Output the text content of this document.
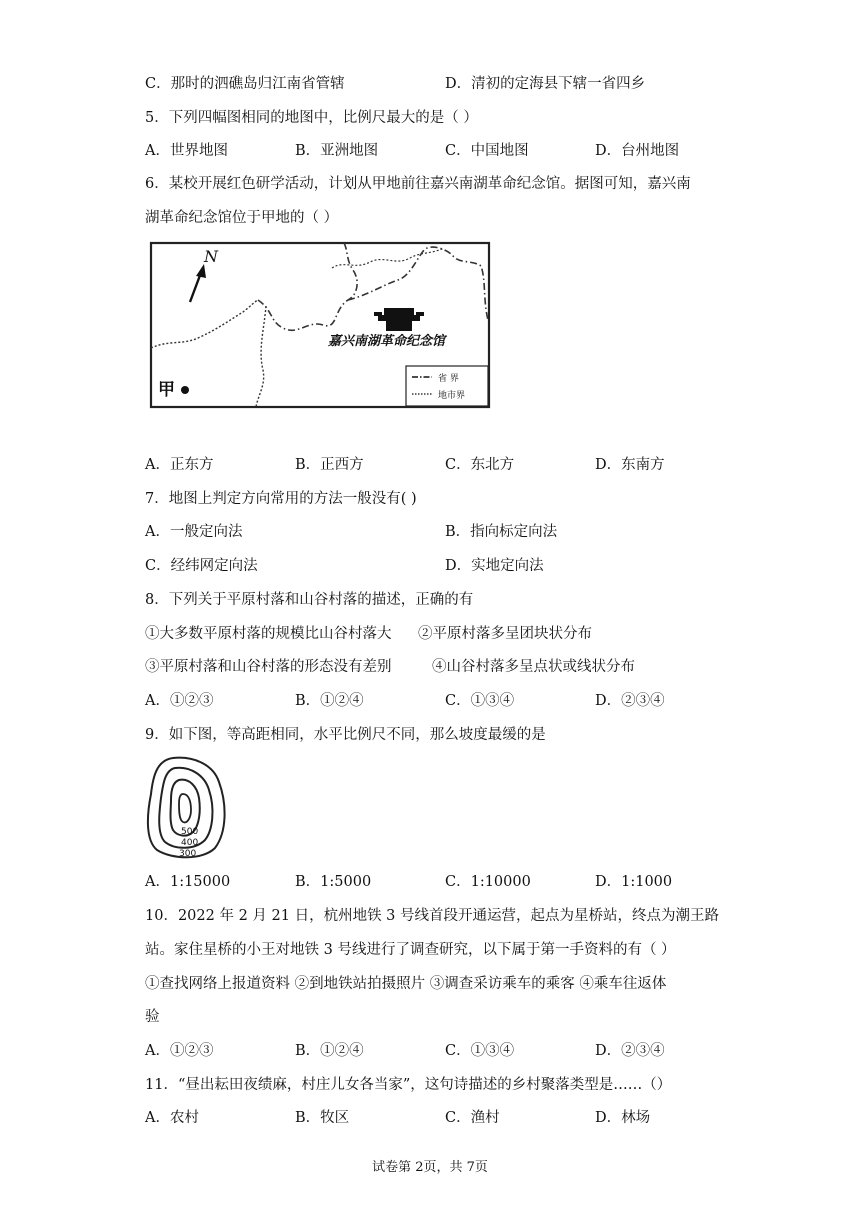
C．那时的泗礁岛归江南省管辖	D．清初的定海县下辖一省四乡
5．下列四幅图相同的地图中，比例尺最大的是（ ）
A．世界地图	B．亚洲地图	C．中国地图	D．台州地图
6．某校开展红色研学活动，计划从甲地前往嘉兴南湖革命纪念馆。据图可知，嘉兴南
湖革命纪念馆位于甲地的（ ）
N
嘉兴南湖革命纪念馆
甲
省 界
地市界
A．正东方	B．正西方	C．东北方	D．东南方
7．地图上判定方向常用的方法一般没有( )
A．一般定向法	B．指向标定向法
C．经纬网定向法	D．实地定向法
8．下列关于平原村落和山谷村落的描述，正确的有
①大多数平原村落的规模比山谷村落大 ②平原村落多呈团块状分布
③平原村落和山谷村落的形态没有差别	④山谷村落多呈点状或线状分布
A．①②③	B．①②④	C．①③④	D．②③④
9．如下图，等高距相同，水平比例尺不同，那么坡度最缓的是
500
400
300
A．1:15000	B．1:5000	C．1:10000	D．1:1000
10．2022 年 2 月 21 日，杭州地铁 3 号线首段开通运营，起点为星桥站，终点为潮王路
站。家住星桥的小王对地铁 3 号线进行了调查研究，以下属于第一手资料的有（ ）
①查找网络上报道资料 ②到地铁站拍摄照片 ③调查采访乘车的乘客 ④乘车往返体
验
A．①②③	B．①②④	C．①③④	D．②③④
11．“昼出耘田夜绩麻，村庄儿女各当家”，这句诗描述的乡村聚落类型是……（）
A．农村	B．牧区	C．渔村	D．林场
试卷第 2页，共 7页
